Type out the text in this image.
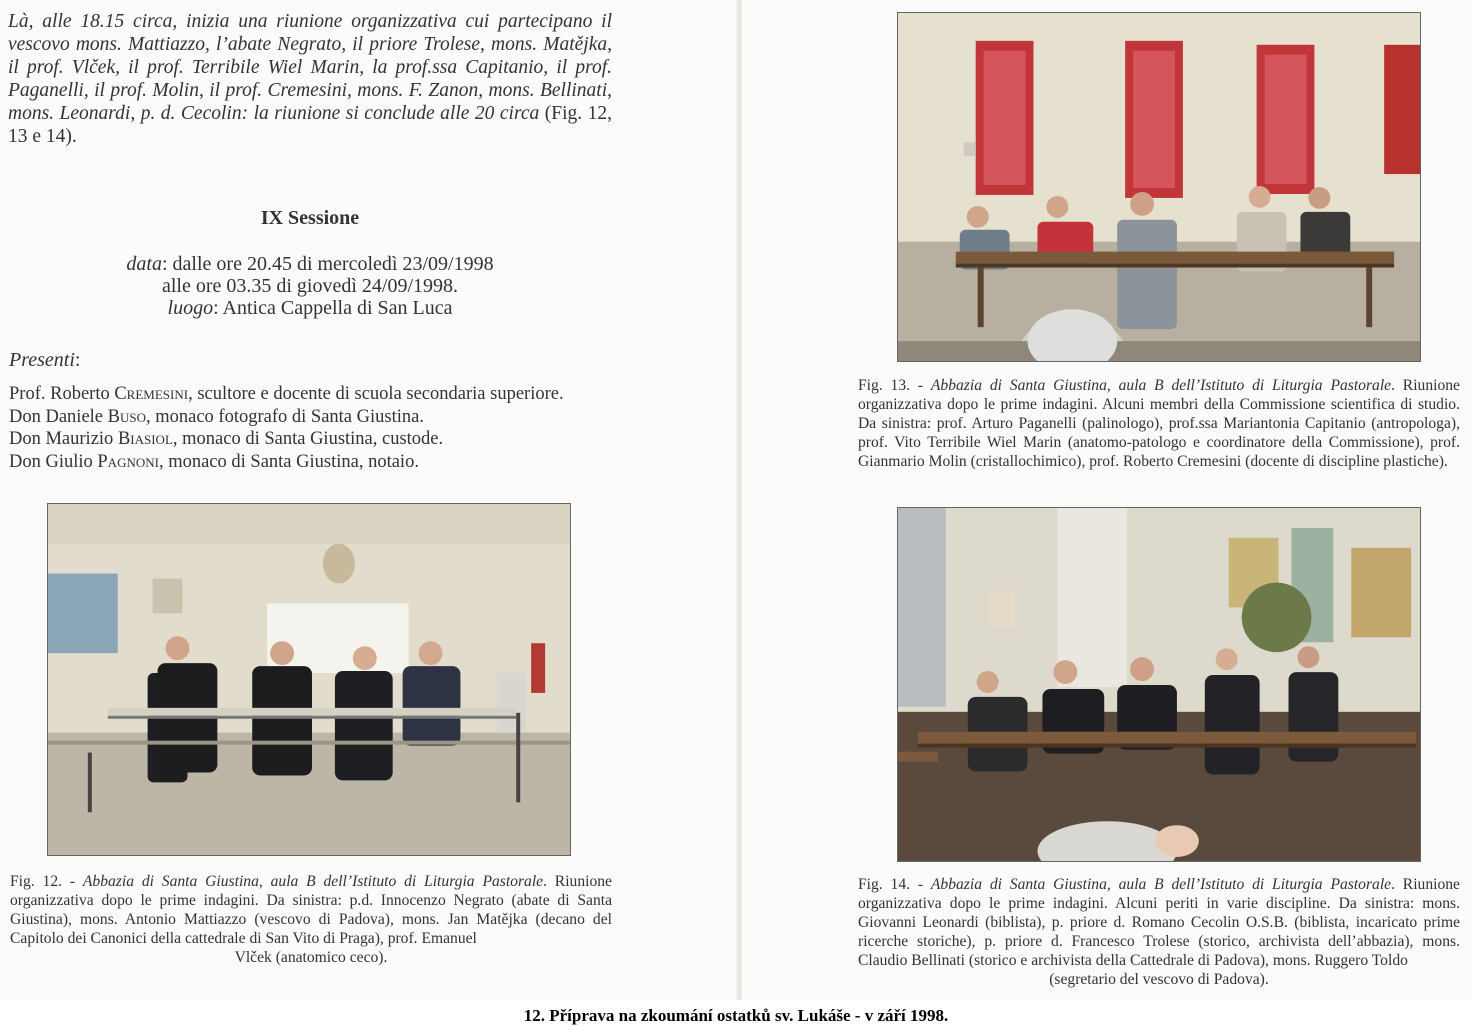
Là, alle 18.15 circa, inizia una riunione organizzativa cui partecipano il vescovo mons. Mattiazzo, l’abate Negrato, il priore Trolese, mons. Matějka, il prof. Vlček, il prof. Terribile Wiel Marin, la prof.ssa Capitanio, il prof. Paganelli, il prof. Molin, il prof. Cremesini, mons. F. Zanon, mons. Bellinati, mons. Leonardi, p. d. Cecolin: la riunione si conclude alle 20 circa (Fig. 12, 13 e 14).

IX Sessione
data: dalle ore 20.45 di mercoledì 23/09/1998
alle ore 03.35 di giovedì 24/09/1998.
luogo: Antica Cappella di San Luca
Presenti:
Prof. Roberto Cremesini, scultore e docente di scuola secondaria superiore.
Don Daniele Buso, monaco fotografo di Santa Giustina.
Don Maurizio Biasiol, monaco di Santa Giustina, custode.
Don Giulio Pagnoni, monaco di Santa Giustina, notaio.

Fig. 12. - Abbazia di Santa Giustina, aula B dell’Istituto di Liturgia Pastorale. Riunione organizzativa dopo le prime indagini. Da sinistra: p.d. Innocenzo Negrato (abate di Santa Giustina), mons. Antonio Mattiazzo (vescovo di Padova), mons. Jan Matějka (decano del Capitolo dei Canonici della cattedrale di San Vito di Praga), prof. Emanuel
Vlček (anatomico ceco).

Fig. 13. - Abbazia di Santa Giustina, aula B dell’Istituto di Liturgia Pastorale. Riunione organizzativa dopo le prime indagini. Alcuni membri della Commissione scientifica di studio. Da sinistra: prof. Arturo Paganelli (palinologo), prof.ssa Mariantonia Capitanio (antropologa), prof. Vito Terribile Wiel Marin (anatomo-patologo e coordinatore della Commissione), prof. Gianmario Molin (cristallochimico), prof. Roberto Cremesini (docente di discipline plastiche).

Fig. 14. - Abbazia di Santa Giustina, aula B dell’Istituto di Liturgia Pastorale. Riunione organizzativa dopo le prime indagini. Alcuni periti in varie discipline. Da sinistra: mons. Giovanni Leonardi (biblista), p. priore d. Romano Cecolin O.S.B. (biblista, incaricato prime ricerche storiche), p. priore d. Francesco Trolese (storico, archivista dell’abbazia), mons. Claudio Bellinati (storico e archivista della Cattedrale di Padova), mons. Ruggero Toldo
(segretario del vescovo di Padova).

12. Příprava na zkoumání ostatků sv. Lukáše - v září 1998.
